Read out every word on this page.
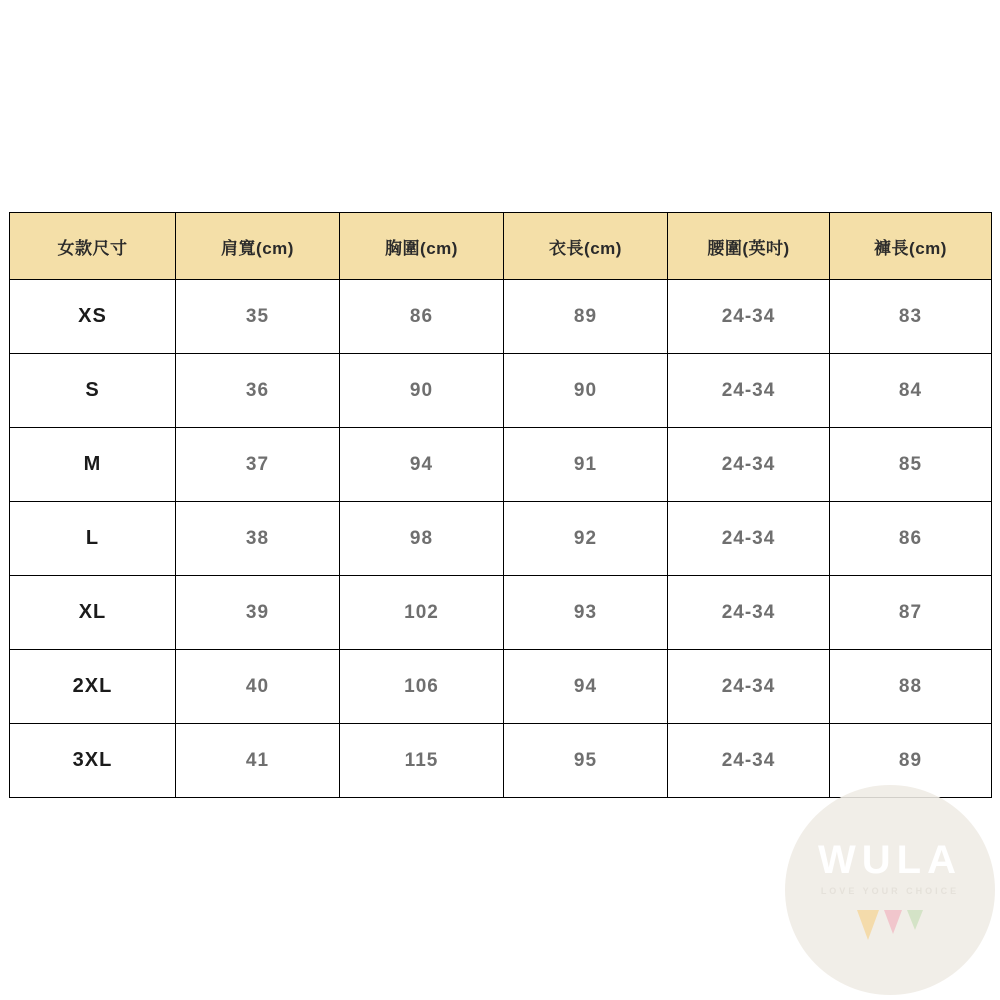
女款尺寸	肩寬(cm)	胸圍(cm)	衣長(cm)	腰圍(英吋)	褲長(cm)
XS	35	86	89	24-34	83
S	36	90	90	24-34	84
M	37	94	91	24-34	85
L	38	98	92	24-34	86
XL	39	102	93	24-34	87
2XL	40	106	94	24-34	88
3XL	41	115	95	24-34	89
WULA
LOVE YOUR CHOICE
